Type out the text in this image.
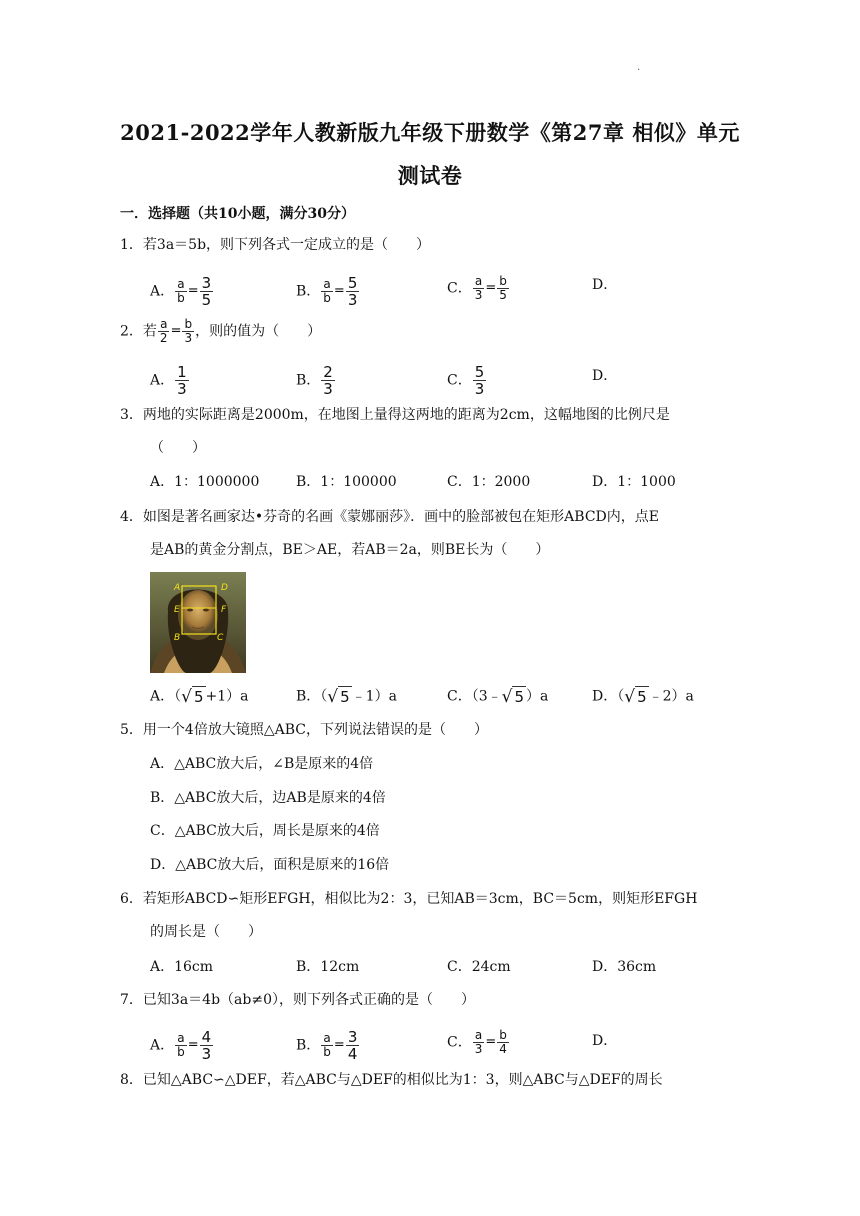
.
2021-2022学年人教新版九年级下册数学《第27章 相似》单元
测试卷
一．选择题（共10小题，满分30分）
1．若3a＝5b，则下列各式一定成立的是（　　）
A． $\frac{a}{b} = \frac{3}{5}$	B． $\frac{a}{b} = \frac{5}{3}$	C． $\frac{a}{3} = \frac{b}{5}$	D．
2．若 $\frac{a}{2} = \frac{b}{3}$ ，则的值为（　　）
A． $\frac{1}{3}$	B． $\frac{2}{3}$	C． $\frac{5}{3}$	D．
3．两地的实际距离是2000m，在地图上量得这两地的距离为2cm，这幅地图的比例尺是
（　　）
A．1：1000000	B．1：100000	C．1：2000	D．1：1000
4．如图是著名画家达•芬奇的名画《蒙娜丽莎》．画中的脸部被包在矩形ABCD内，点E
是AB的黄金分割点，BE＞AE，若AB＝2a，则BE长为（　　）
A	D
E	F
B	C
A．（√ 5 +1）a	B．（√ 5 ﹣1）a	C．（3﹣√ 5 ）a	D．（√ 5 ﹣2）a
5．用一个4倍放大镜照△ABC，下列说法错误的是（　　）
A．△ABC放大后，∠B是原来的4倍
B．△ABC放大后，边AB是原来的4倍
C．△ABC放大后，周长是原来的4倍
D．△ABC放大后，面积是原来的16倍
6．若矩形ABCD∽矩形EFGH，相似比为2：3，已知AB＝3cm，BC＝5cm，则矩形EFGH
的周长是（　　）
A．16cm	B．12cm	C．24cm	D．36cm
7．已知3a＝4b（ab≠0），则下列各式正确的是（　　）
A． $\frac{a}{b} = \frac{4}{3}$	B． $\frac{a}{b} = \frac{3}{4}$	C． $\frac{a}{3} = \frac{b}{4}$	D．
8．已知△ABC∽△DEF，若△ABC与△DEF的相似比为1：3，则△ABC与△DEF的周长
